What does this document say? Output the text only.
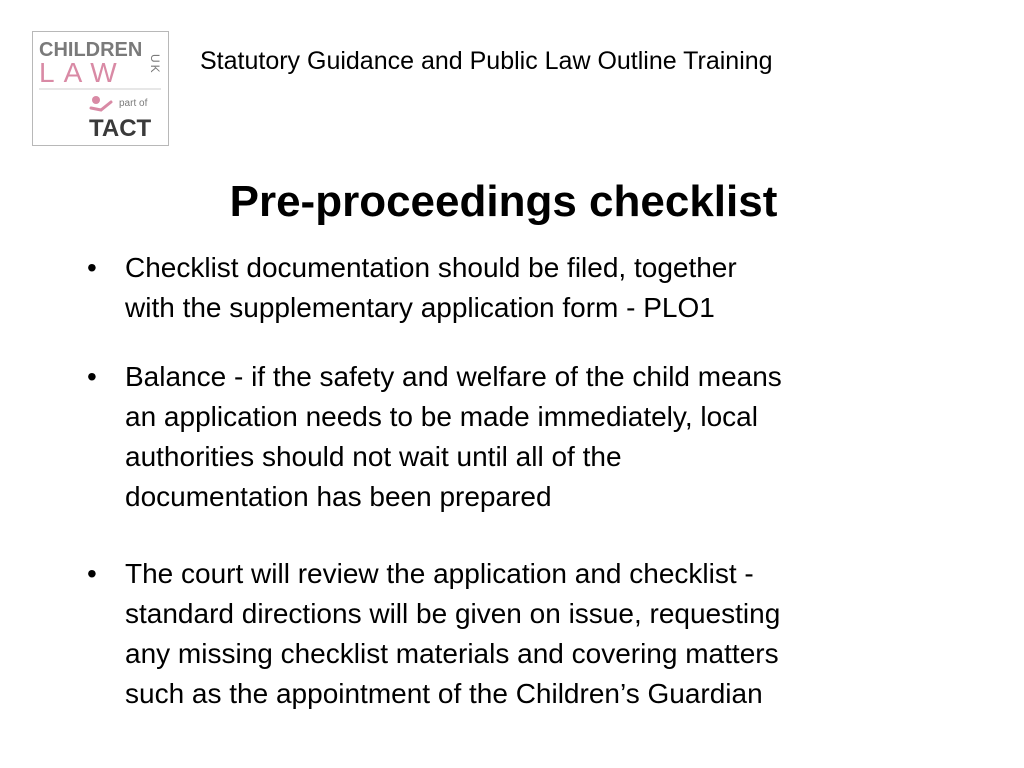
CHILDREN
LAW UK
part of
TACT
Statutory Guidance and Public Law Outline Training
Pre-proceedings checklist
• Checklist documentation should be filed, together
with the supplementary application form - PLO1
• Balance - if the safety and welfare of the child means
an application needs to be made immediately, local
authorities should not wait until all of the
documentation has been prepared
• The court will review the application and checklist -
standard directions will be given on issue, requesting
any missing checklist materials and covering matters
such as the appointment of the Children’s Guardian
